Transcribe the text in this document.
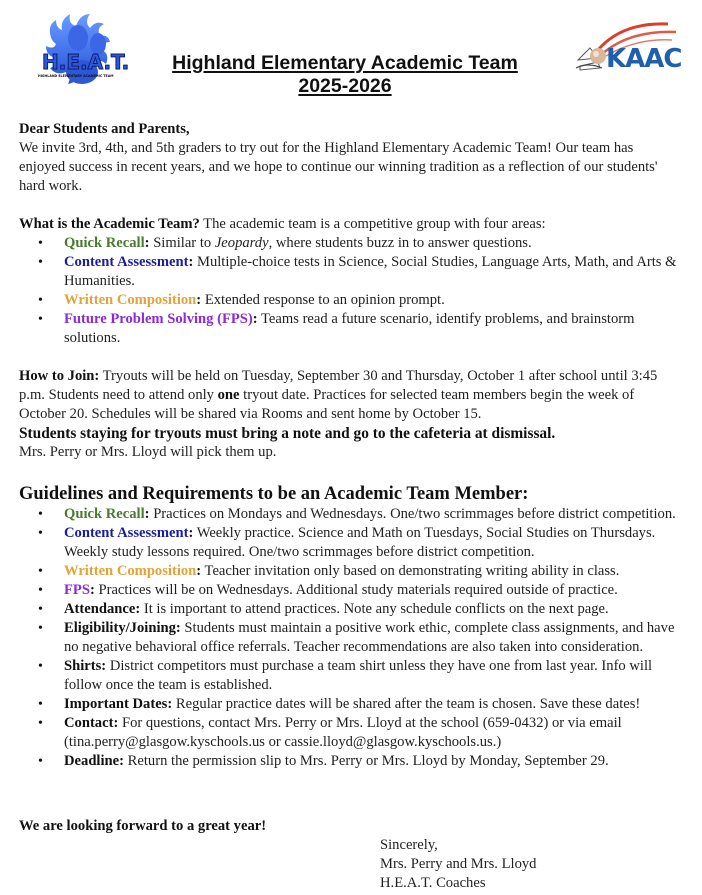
H.E.A.T.
HIGHLAND ELEMENTARY ACADEMIC TEAM
Highland Elementary Academic Team
2025-2026
KAAC

Dear Students and Parents,

We invite 3rd, 4th, and 5th graders to try out for the Highland Elementary Academic Team! Our team has enjoyed success in recent years, and we hope to continue our winning tradition as a reflection of our students' hard work.

What is the Academic Team? The academic team is a competitive group with four areas:

• Quick Recall: Similar to Jeopardy, where students buzz in to answer questions.
• Content Assessment: Multiple-choice tests in Science, Social Studies, Language Arts, Math, and Arts & Humanities.
• Written Composition: Extended response to an opinion prompt.
• Future Problem Solving (FPS): Teams read a future scenario, identify problems, and brainstorm solutions.

How to Join: Tryouts will be held on Tuesday, September 30 and Thursday, October 1 after school until 3:45 p.m. Students need to attend only one tryout date. Practices for selected team members begin the week of October 20. Schedules will be shared via Rooms and sent home by October 15.

Students staying for tryouts must bring a note and go to the cafeteria at dismissal.

Mrs. Perry or Mrs. Lloyd will pick them up.

Guidelines and Requirements to be an Academic Team Member:

• Quick Recall: Practices on Mondays and Wednesdays. One/two scrimmages before district competition.
• Content Assessment: Weekly practice. Science and Math on Tuesdays, Social Studies on Thursdays. Weekly study lessons required. One/two scrimmages before district competition.
• Written Composition: Teacher invitation only based on demonstrating writing ability in class.
• FPS: Practices will be on Wednesdays. Additional study materials required outside of practice.
• Attendance: It is important to attend practices. Note any schedule conflicts on the next page.
• Eligibility/Joining: Students must maintain a positive work ethic, complete class assignments, and have no negative behavioral office referrals. Teacher recommendations are also taken into consideration.
• Shirts: District competitors must purchase a team shirt unless they have one from last year. Info will follow once the team is established.
• Important Dates: Regular practice dates will be shared after the team is chosen. Save these dates!
• Contact: For questions, contact Mrs. Perry or Mrs. Lloyd at the school (659-0432) or via email (tina.perry@glasgow.kyschools.us or cassie.lloyd@glasgow.kyschools.us.)
• Deadline: Return the permission slip to Mrs. Perry or Mrs. Lloyd by Monday, September 29.
We are looking forward to a great year!
Sincerely,
Mrs. Perry and Mrs. Lloyd
H.E.A.T. Coaches
